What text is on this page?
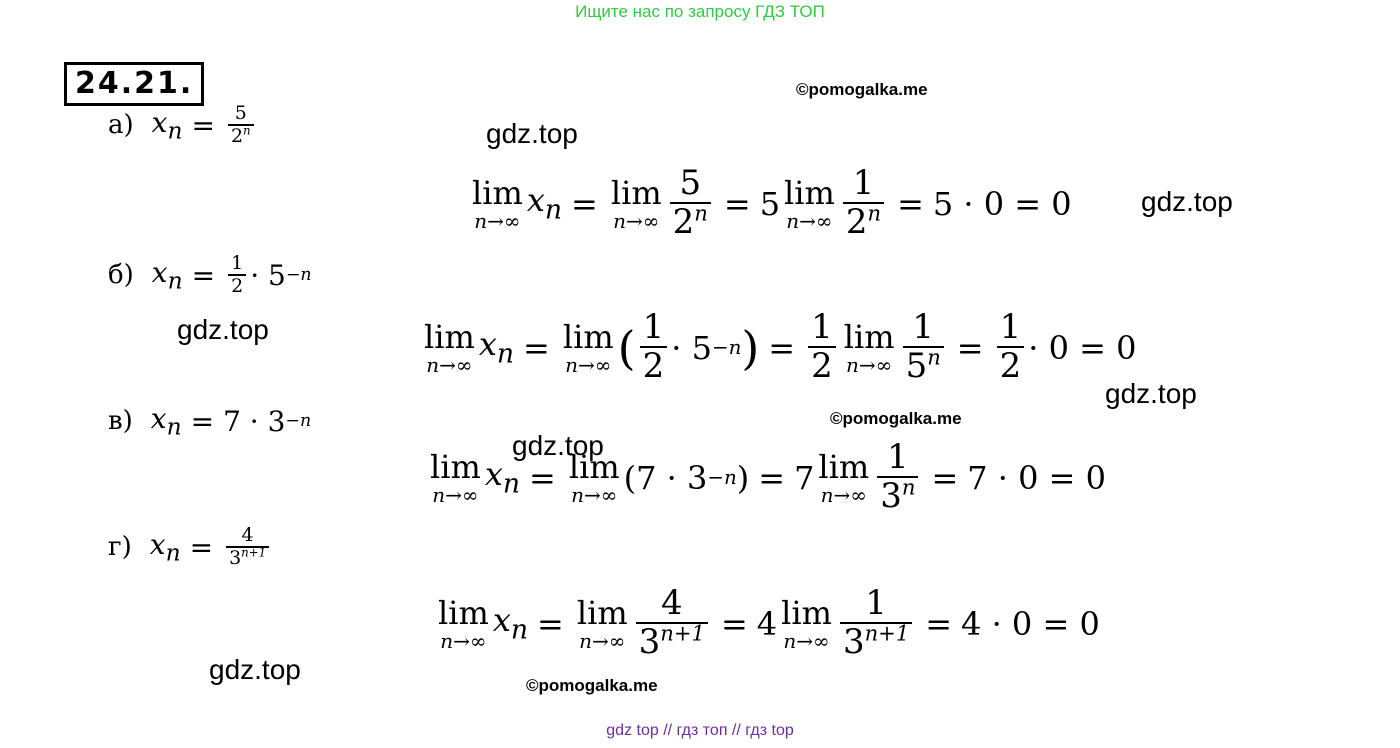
Ищите нас по запросу ГДЗ ТОП
24.21.	©pomogalka.me
©pomogalka.me
©pomogalka.me
gdz.top
gdz.top
gdz.top
gdz.top
gdz.top
gdz.top
а) $x_n = \frac{5}{2^n}$
lim
n→∞
$x_n = \lim$
$n\to\infty \frac{5}{2^n} = 5$ lim
$n\to\infty \frac{1}{2^n} = 5 \cdot 0 = 0$
б) $x_n = \frac{1}{2} \cdot 5 -n$
lim
n→∞
$x_n = \lim$
n→∞ ( $\frac{1}{2} \cdot 5 -n$ ) = $\frac{1}{2}$ lim
$n\to\infty \frac{1}{5^n} = \frac{1}{2} \cdot 0 = 0$
в) $x_n = 7 \cdot 3 -n$
lim
n→∞
$x_n = \lim$
n→∞ ( 7 · 3 −n ) = 7 lim
$n\to\infty \frac{1}{3^n} = 7 \cdot 0 = 0$
г) $x_n = \frac{4}{3^{n+1}}$
lim
n→∞
$x_n = \lim$
$n\to\infty \frac{4}{3^{n+1}} = 4$ lim
$n\to\infty \frac{1}{3^{n+1}} = 4 \cdot 0 = 0$
gdz top // гдз топ // гдз top
